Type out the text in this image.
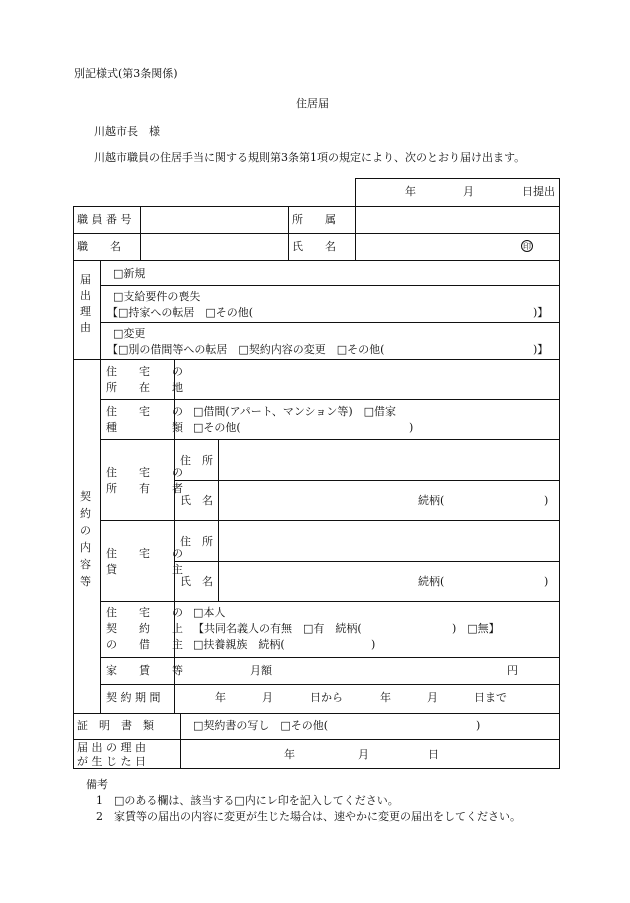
別記様式(第3条関係)
住居届
川越市長　様
川越市職員の住居手当に関する規則第3条第1項の規定により、次のとおり届け出ます。
年	月	日提出
職 員 番 号	所　　属
職　　名	氏　　名	印
届出理由
□新規
□支給要件の喪失
【□持家への転居　□その他(	)】
□変更
【□別の借間等への転居　□契約内容の変更　□その他(	)】
契約の内容等
住　　宅　　の
所　　在　　地
住　　宅　　の
種　　　　　類
□借間(アパート、マンション等)　□借家
□その他(	)
住　　宅　　の
所　　有　　者
住　所
氏　名	続柄(	)
住　　宅　　の
貸　　　　　主
住　所
氏　名	続柄(	)
住　　宅　　の
契　　約　　上
の　　借　　主
□本人
【共同名義人の有無　□有　続柄(	)　□無】
□扶養親族　続柄(	)
家　　賃　　等	月額	円
契 約 期 間	年	月	日から	年	月	日まで
証　明　書　類	□契約書の写し　□その他(	)
届 出 の 理 由
が 生 じ た 日
年	月	日
備考
1 □のある欄は、該当する□内にレ印を記入してください。
2 家賃等の届出の内容に変更が生じた場合は、速やかに変更の届出をしてください。
